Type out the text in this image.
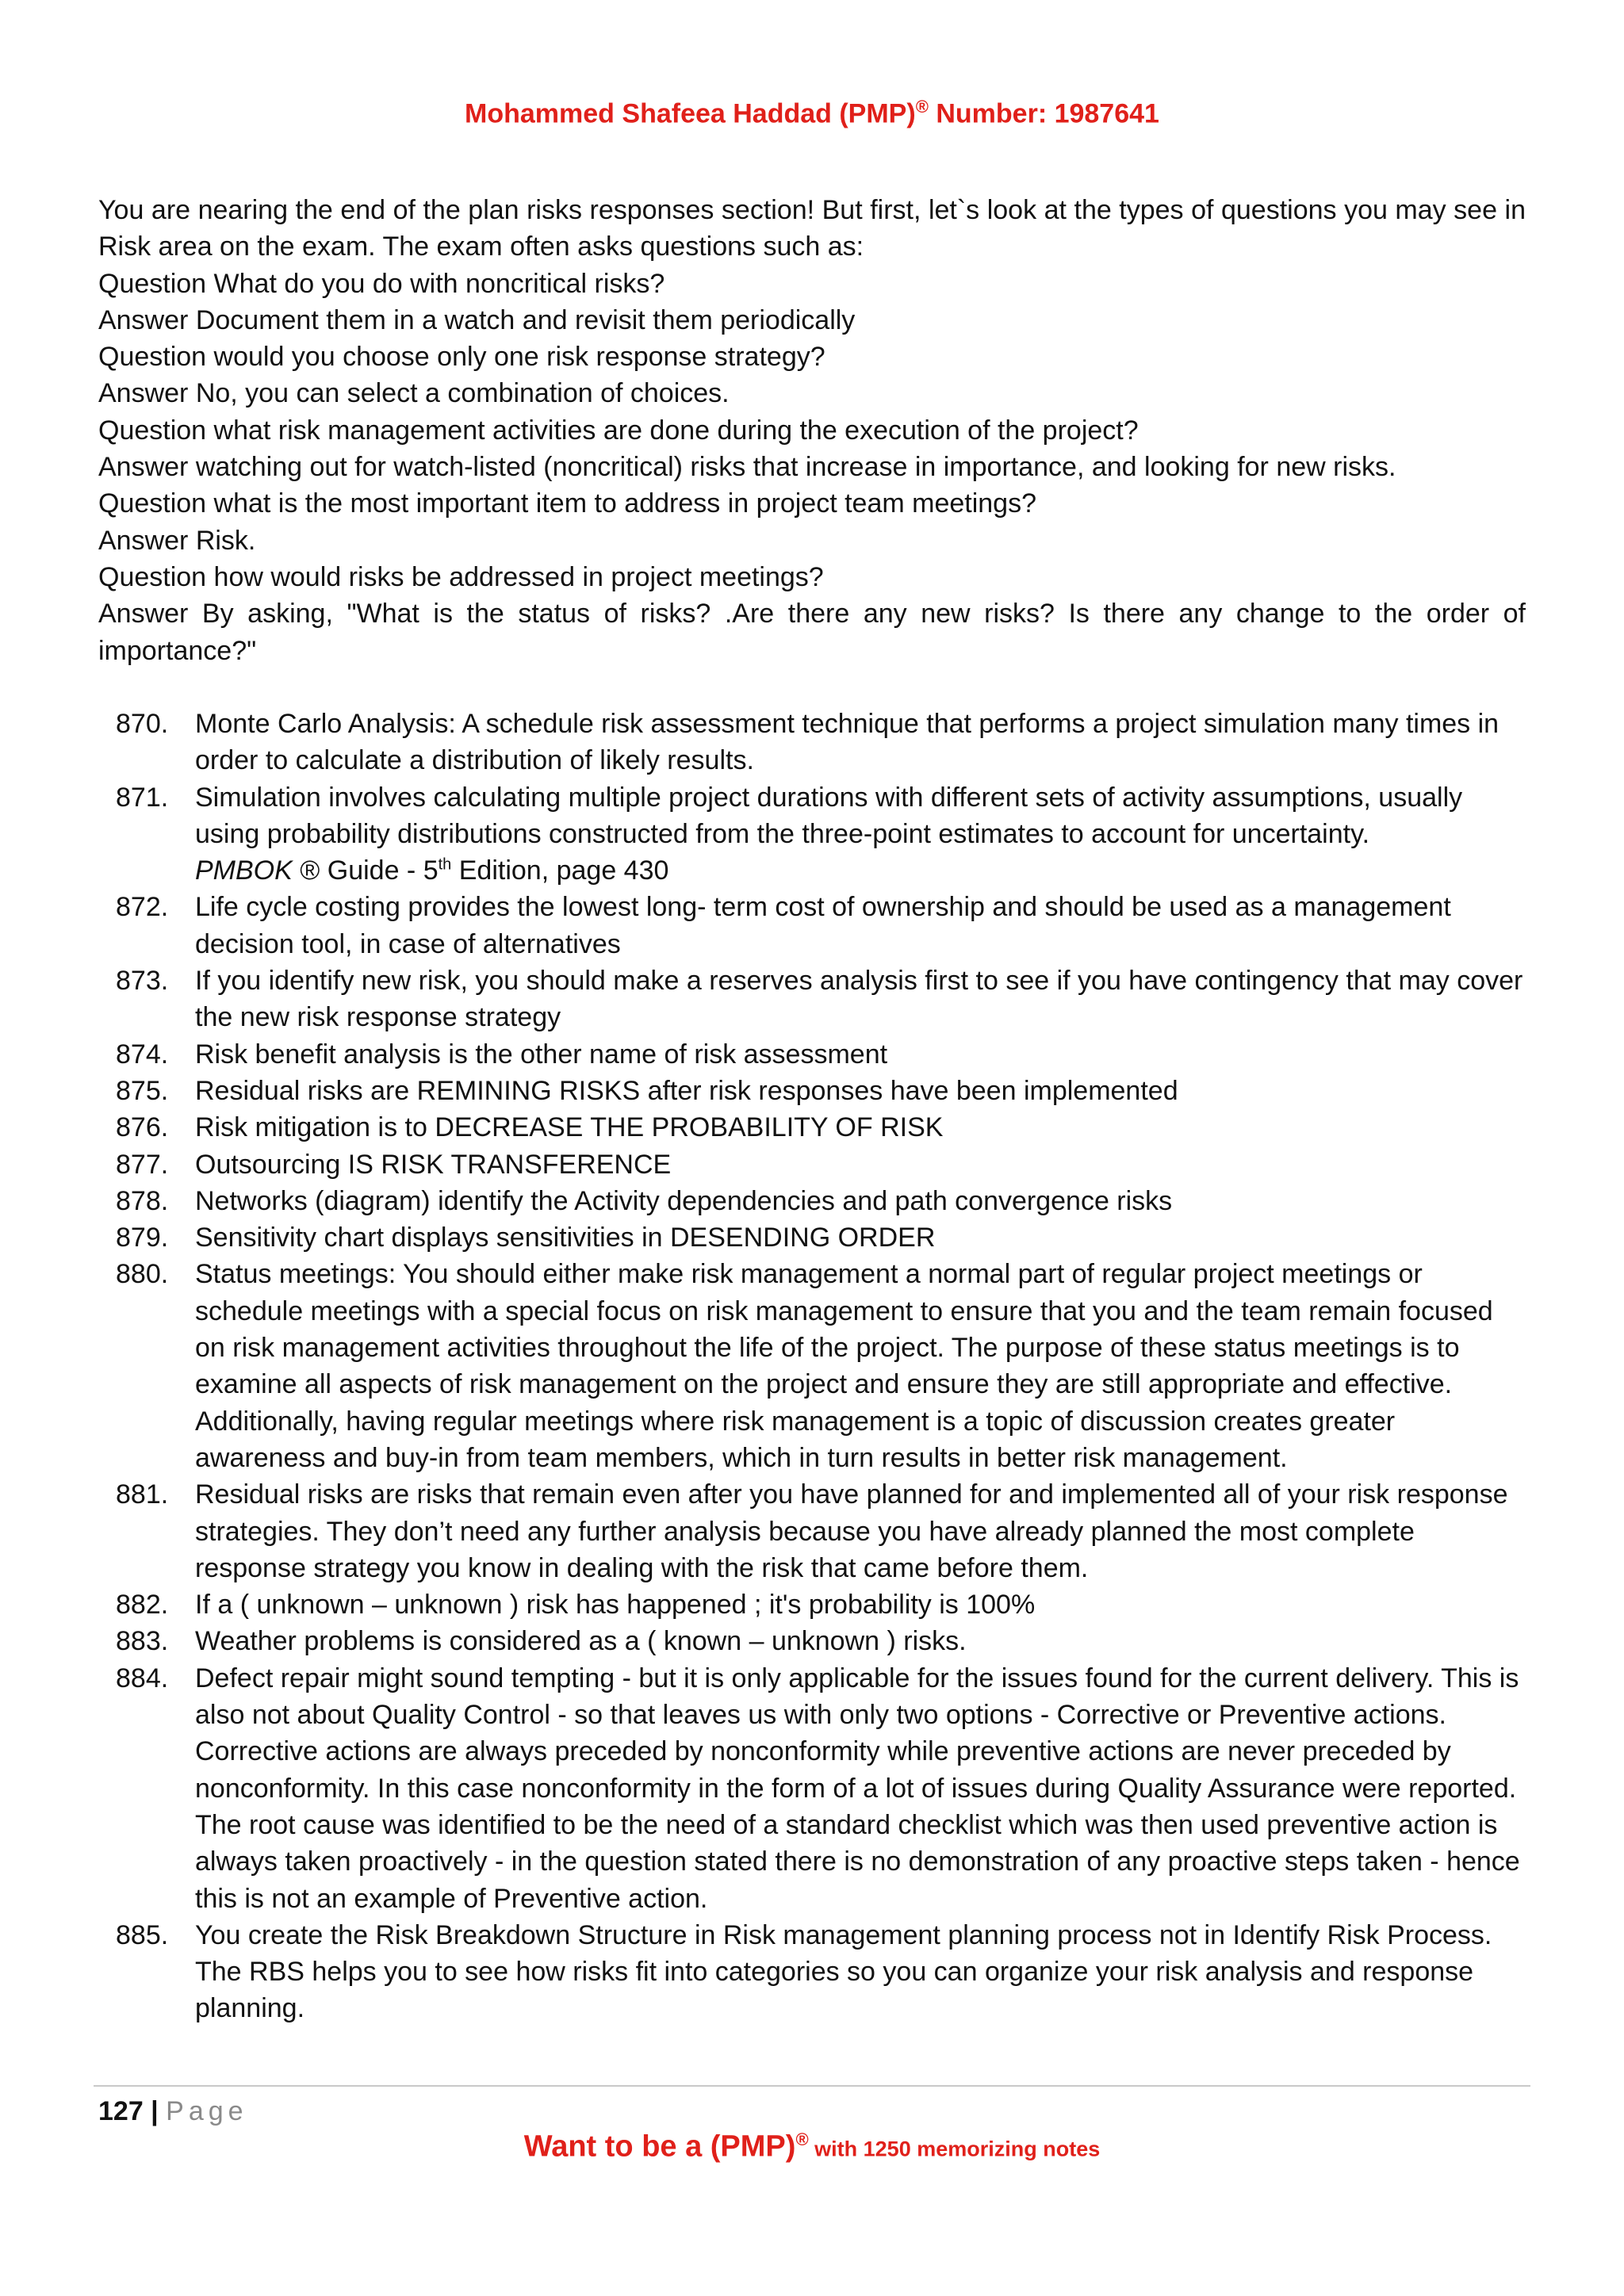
Mohammed Shafeea Haddad (PMP)® Number: 1987641

You are nearing the end of the plan risks responses section! But first, let`s look at the types of questions you may see in Risk area on the exam. The exam often asks questions such as:

Question What do you do with noncritical risks?

Answer Document them in a watch and revisit them periodically

Question would you choose only one risk response strategy?

Answer No, you can select a combination of choices.

Question what risk management activities are done during the execution of the project?

Answer watching out for watch-listed (noncritical) risks that increase in importance, and looking for new risks.

Question what is the most important item to address in project team meetings?

Answer Risk.

Question how would risks be addressed in project meetings?

Answer By asking, "What is the status of risks? .Are there any new risks? Is there any change to the order of

importance?"

870. Monte Carlo Analysis: A schedule risk assessment technique that performs a project simulation many times in order to calculate a distribution of likely results.
871. Simulation involves calculating multiple project durations with different sets of activity assumptions, usually using probability distributions constructed from the three-point estimates to account for uncertainty.
PMBOK ® Guide - 5th Edition, page 430
872. Life cycle costing provides the lowest long- term cost of ownership and should be used as a management decision tool, in case of alternatives
873. If you identify new risk, you should make a reserves analysis first to see if you have contingency that may cover the new risk response strategy
874. Risk benefit analysis is the other name of risk assessment
875. Residual risks are REMINING RISKS after risk responses have been implemented
876. Risk mitigation is to DECREASE THE PROBABILITY OF RISK
877. Outsourcing IS RISK TRANSFERENCE
878. Networks (diagram) identify the Activity dependencies and path convergence risks
879. Sensitivity chart displays sensitivities in DESENDING ORDER
880. Status meetings: You should either make risk management a normal part of regular project meetings or schedule meetings with a special focus on risk management to ensure that you and the team remain focused on risk management activities throughout the life of the project. The purpose of these status meetings is to examine all aspects of risk management on the project and ensure they are still appropriate and effective. Additionally, having regular meetings where risk management is a topic of discussion creates greater awareness and buy-in from team members, which in turn results in better risk management.
881. Residual risks are risks that remain even after you have planned for and implemented all of your risk response strategies. They don’t need any further analysis because you have already planned the most complete response strategy you know in dealing with the risk that came before them.
882. If a ( unknown – unknown ) risk has happened ; it's probability is 100%
883. Weather problems is considered as a ( known – unknown ) risks.
884. Defect repair might sound tempting - but it is only applicable for the issues found for the current delivery. This is also not about Quality Control - so that leaves us with only two options - Corrective or Preventive actions. Corrective actions are always preceded by nonconformity while preventive actions are never preceded by nonconformity. In this case nonconformity in the form of a lot of issues during Quality Assurance were reported. The root cause was identified to be the need of a standard checklist which was then used preventive action is always taken proactively - in the question stated there is no demonstration of any proactive steps taken - hence this is not an example of Preventive action.
885. You create the Risk Breakdown Structure in Risk management planning process not in Identify Risk Process. The RBS helps you to see how risks fit into categories so you can organize your risk analysis and response planning.
127 | Page
Want to be a (PMP)® with 1250 memorizing notes
